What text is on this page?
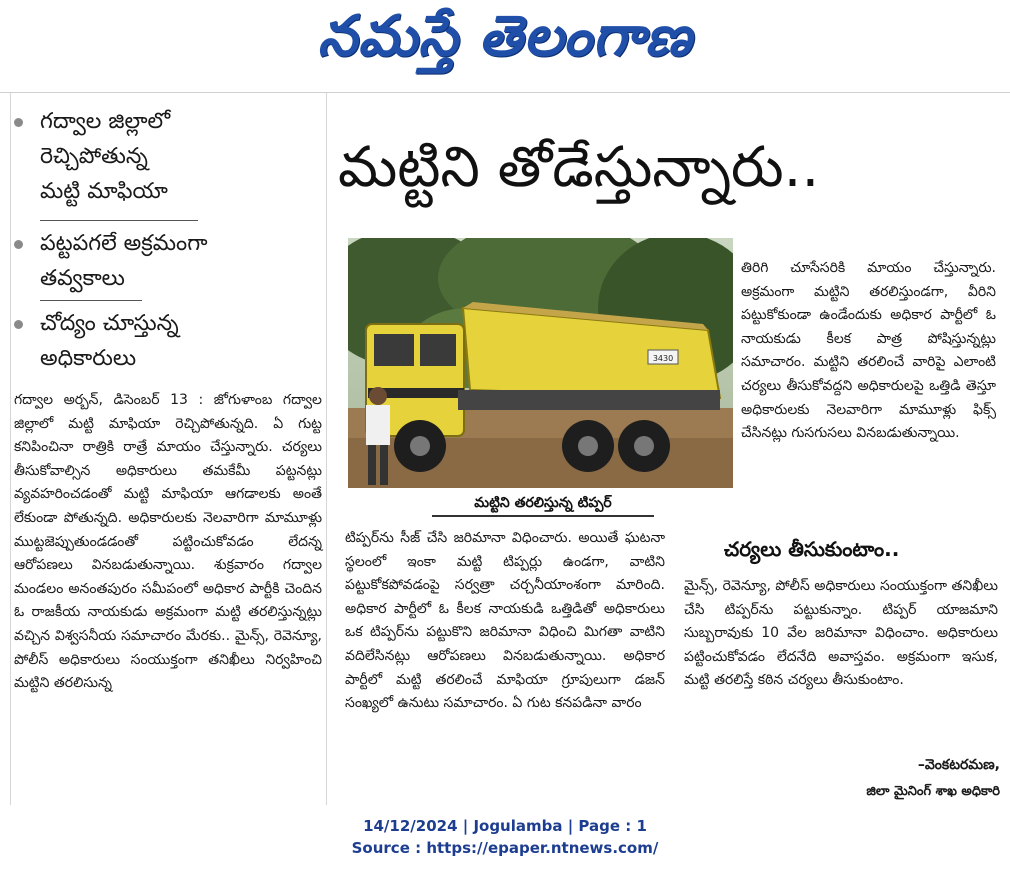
నమస్తే తెలంగాణ
గద్వాల జిల్లాలో
రెచ్చిపోతున్న
మట్టి మాఫియా
పట్టపగలే అక్రమంగా
తవ్వకాలు
చోద్యం చూస్తున్న
అధికారులు
మట్టిని తోడేస్తున్నారు..
3430
మట్టిని తరలిస్తున్న టిప్పర్

గద్వాల అర్బన్, డిసెంబర్ 13 : జోగుళాంబ గద్వాల జిల్లాలో మట్టి మాఫియా రెచ్చిపోతున్నది. ఏ గుట్ట కనిపించినా రాత్రికి రాత్రే మాయం చేస్తున్నారు. చర్యలు తీసుకోవాల్సిన అధికారులు తమకేమీ పట్టనట్లు వ్యవహరించడంతో మట్టి మాఫియా ఆగడాలకు అంతే లేకుండా పోతున్నది. అధికారులకు నెలవారిగా మామూళ్లు ముట్టజెప్పుతుండడంతో పట్టించుకోవడం లేదన్న ఆరోపణలు వినబడుతున్నాయి. శుక్రవారం గద్వాల మండలం అనంతపురం సమీపంలో అధికార పార్టీకి చెందిన ఓ రాజకీయ నాయకుడు అక్రమంగా మట్టి తరలిస్తున్నట్లు వచ్చిన విశ్వసనీయ సమాచారం మేరకు.. మైన్స్, రెవెన్యూ, పోలీస్ అధికారులు సంయుక్తంగా తనిఖీలు నిర్వహించి మట్టిని తరలిసున్న

టిప్పర్‌ను సీజ్ చేసి జరిమానా విధించారు. అయితే ఘటనా స్థలంలో ఇంకా మట్టి టిప్పర్లు ఉండగా, వాటిని పట్టుకోకపోవడంపై సర్వత్రా చర్చనీయాంశంగా మారింది. అధికార పార్టీలో ఓ కీలక నాయకుడి ఒత్తిడితో అధికారులు ఒక టిప్పర్‌ను పట్టుకొని జరిమానా విధించి మిగతా వాటిని వదిలేసినట్లు ఆరోపణలు వినబడుతున్నాయి. అధికార పార్టీలో మట్టి తరలించే మాఫియా గ్రూపులుగా డజన్ సంఖ్యలో ఉనుటు సమాచారం. ఏ గుట కనపడినా వారం

తిరిగి చూసేసరికి మాయం చేస్తున్నారు. అక్రమంగా మట్టిని తరలిస్తుండగా, వీరిని పట్టుకోకుండా ఉండేందుకు అధికార పార్టీలో ఓ నాయకుడు కీలక పాత్ర పోషిస్తున్నట్లు సమాచారం. మట్టిని తరలించే వారిపై ఎలాంటి చర్యలు తీసుకోవద్దని అధికారులపై ఒత్తిడి తెస్తూ అధికారులకు నెలవారిగా మామూళ్లు ఫిక్స్ చేసినట్లు గుసగుసలు వినబడుతున్నాయి.

చర్యలు తీసుకుంటాం..

మైన్స్, రెవెన్యూ, పోలీస్ అధికారులు సంయుక్తంగా తనిఖీలు చేసి టిప్పర్‌ను పట్టుకున్నాం. టిప్పర్ యాజమాని సుబ్బరావుకు 10 వేల జరిమానా విధించాం. అధికారులు పట్టించుకోవడం లేదనేది అవాస్తవం. అక్రమంగా ఇసుక, మట్టి తరలిస్తే కఠిన చర్యలు తీసుకుంటాం.

–వెంకటరమణ,
జిలా మైనింగ్ శాఖ అధికారి
14/12/2024 | Jogulamba | Page : 1
Source : https://epaper.ntnews.com/
